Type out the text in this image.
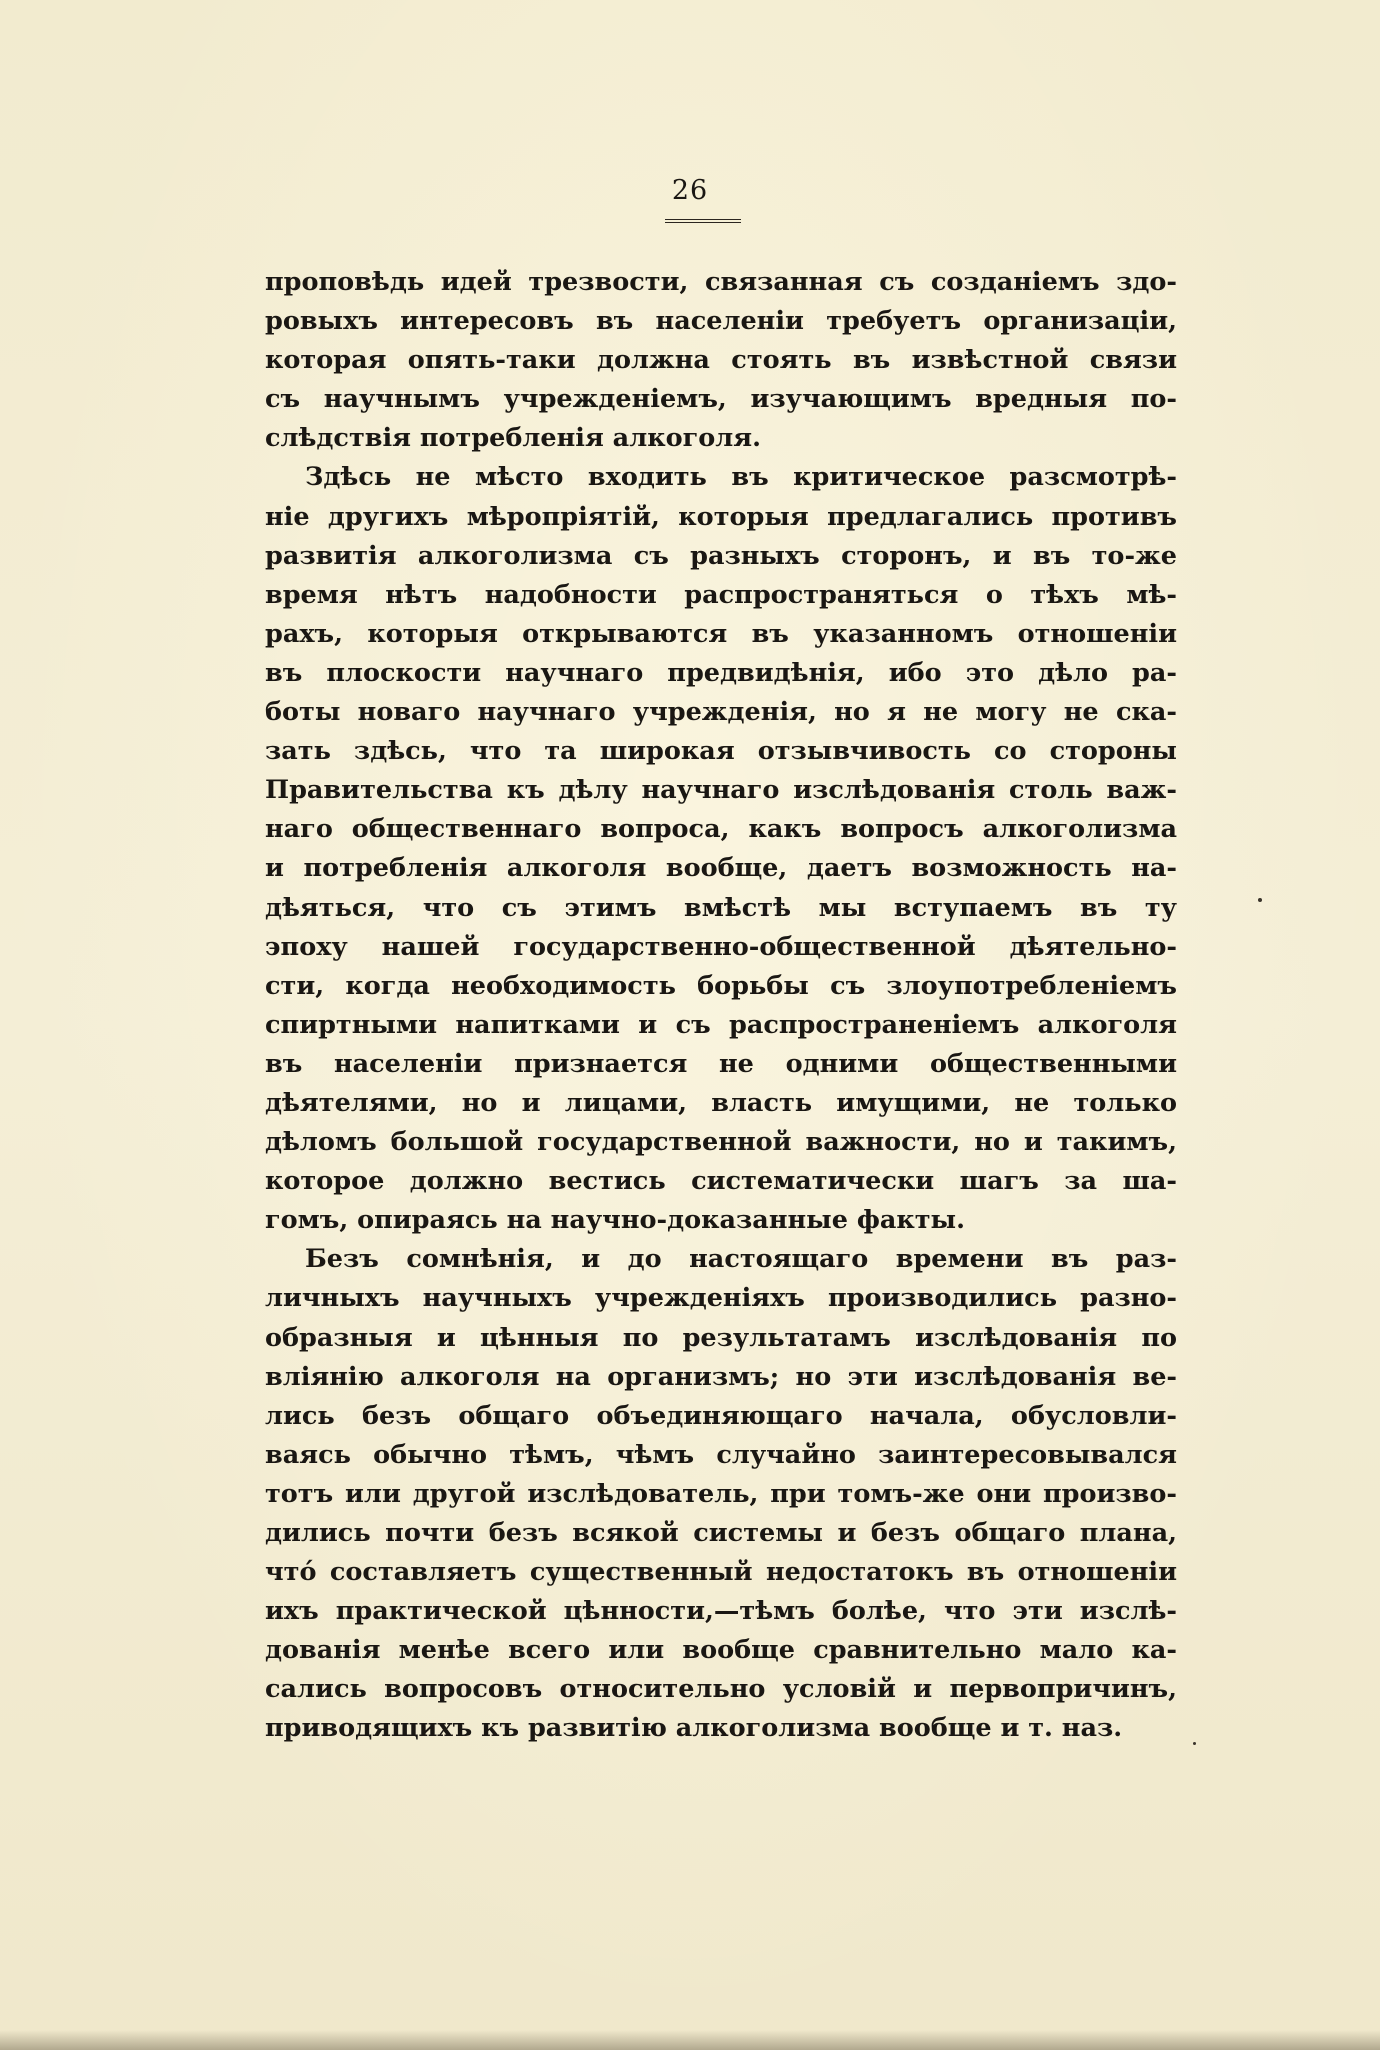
26
проповѣдь идей трезвости, связанная съ созданіемъ здо-
ровыхъ интересовъ въ населеніи требуетъ организаціи,
которая опять-таки должна стоять въ извѣстной связи
съ научнымъ учрежденіемъ, изучающимъ вредныя по-
слѣдствія потребленія алкоголя.
Здѣсь не мѣсто входить въ критическое разсмотрѣ-
ніе другихъ мѣропріятій, которыя предлагались противъ
развитія алкоголизма съ разныхъ сторонъ, и въ то-же
время нѣтъ надобности распространяться о тѣхъ мѣ-
рахъ, которыя открываются въ указанномъ отношеніи
въ плоскости научнаго предвидѣнія, ибо это дѣло ра-
боты новаго научнаго учрежденія, но я не могу не ска-
зать здѣсь, что та широкая отзывчивость со стороны
Правительства къ дѣлу научнаго изслѣдованія столь важ-
наго общественнаго вопроса, какъ вопросъ алкоголизма
и потребленія алкоголя вообще, даетъ возможность на-
дѣяться, что съ этимъ вмѣстѣ мы вступаемъ въ ту
эпоху нашей государственно-общественной дѣятельно-
сти, когда необходимость борьбы съ злоупотребленіемъ
спиртными напитками и съ распространеніемъ алкоголя
въ населеніи признается не одними общественными
дѣятелями, но и лицами, власть имущими, не только
дѣломъ большой государственной важности, но и такимъ,
которое должно вестись систематически шагъ за ша-
гомъ, опираясь на научно-доказанные факты.
Безъ сомнѣнія, и до настоящаго времени въ раз-
личныхъ научныхъ учрежденіяхъ производились разно-
образныя и цѣнныя по результатамъ изслѣдованія по
вліянію алкоголя на организмъ; но эти изслѣдованія ве-
лись безъ общаго объединяющаго начала, обусловли-
ваясь обычно тѣмъ, чѣмъ случайно заинтересовывался
тотъ или другой изслѣдователь, при томъ-же они произво-
дились почти безъ всякой системы и безъ общаго плана,
что́ составляетъ существенный недостатокъ въ отношеніи
ихъ практической цѣнности,—тѣмъ болѣе, что эти изслѣ-
дованія менѣе всего или вообще сравнительно мало ка-
сались вопросовъ относительно условій и первопричинъ,
приводящихъ къ развитію алкоголизма вообще и т. наз.
